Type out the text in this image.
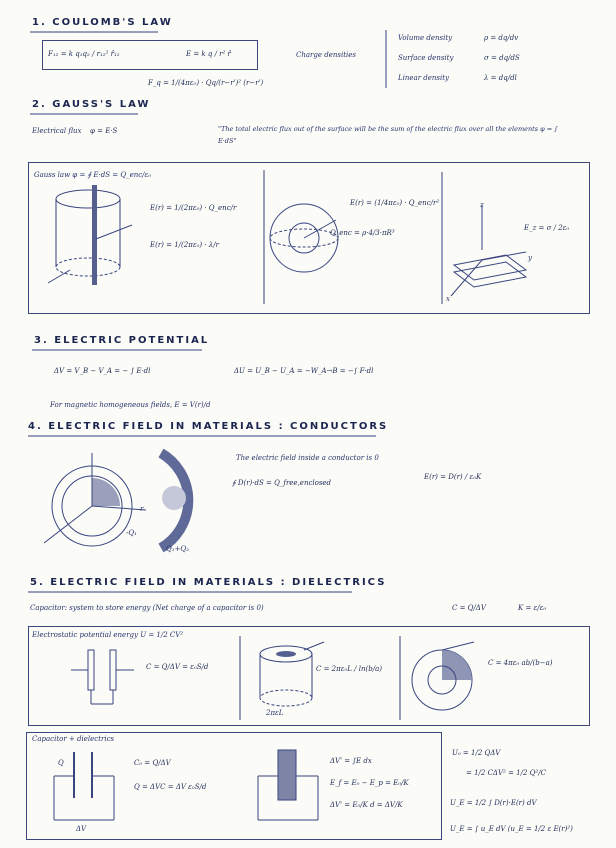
1. COULOMB'S LAW
F₁₂ = k q₁q₂ / r₁₂² r̂₁₂	E = k q / r² r̂
F_q = 1/(4πε₀) · Qq/(r−r')² (r−r')
Charge densities
Volume density	ρ = dq/dv
Surface density	σ = dq/dS
Linear density	λ = dq/dl
2. GAUSS'S LAW
Electrical flux φ = E·S	"The total electric flux out of the surface will be the sum of the electric flux over all the elements φ = ∫ E·dS"
Gauss law φ = ∮ E·dS = Q_enc/ε₀
E(r) = 1/(2πε₀) · Q_enc/r
E(r) = 1/(2πε₀) · λ/r
E(r) = (1/4πε₀) · Q_enc/r²
Q_enc = ρ·4/3·πR³
z
y
x
E_z = σ / 2ε₀
3. ELECTRIC POTENTIAL
ΔV = V_B − V_A = − ∫ E·dl	ΔU = U_B − U_A = −W_A→B = −∫ F·dl
For magnetic homogeneous fields, E = V(r)/d
4. ELECTRIC FIELD IN MATERIALS : CONDUCTORS
r
-Q₁
Q₁+Q₂
The electric field inside a conductor is 0
∮ D(r)·dS = Q_free,enclosed
E(r) = D(r) / ε₀K
5. ELECTRIC FIELD IN MATERIALS : DIELECTRICS
Capacitor: system to store energy (Net charge of a capacitor is 0)	C = Q/ΔV	K = ε/ε₀
Electrostatic potential energy U = 1/2 CV²
C = Q/ΔV = ε₀S/d
2πεL
C = 2πε₀L / ln(b/a)
C = 4πε₀ ab/(b−a)
Capacitor + dielectrics
Q
ΔV
C₀ = Q/ΔV
Q = ΔVC = ΔV ε₀S/d
ΔV' = ∫E dx
E_f = E₀ − E_p = E₀/K
ΔV' = E₀/K d = ΔV/K
U₀ = 1/2 QΔV
= 1/2 CΔV² = 1/2 Q²/C
U_E = 1/2 ∫ D(r)·E(r) dV
U_E = ∫ u_E dV (u_E = 1/2 ε E(r)²)
